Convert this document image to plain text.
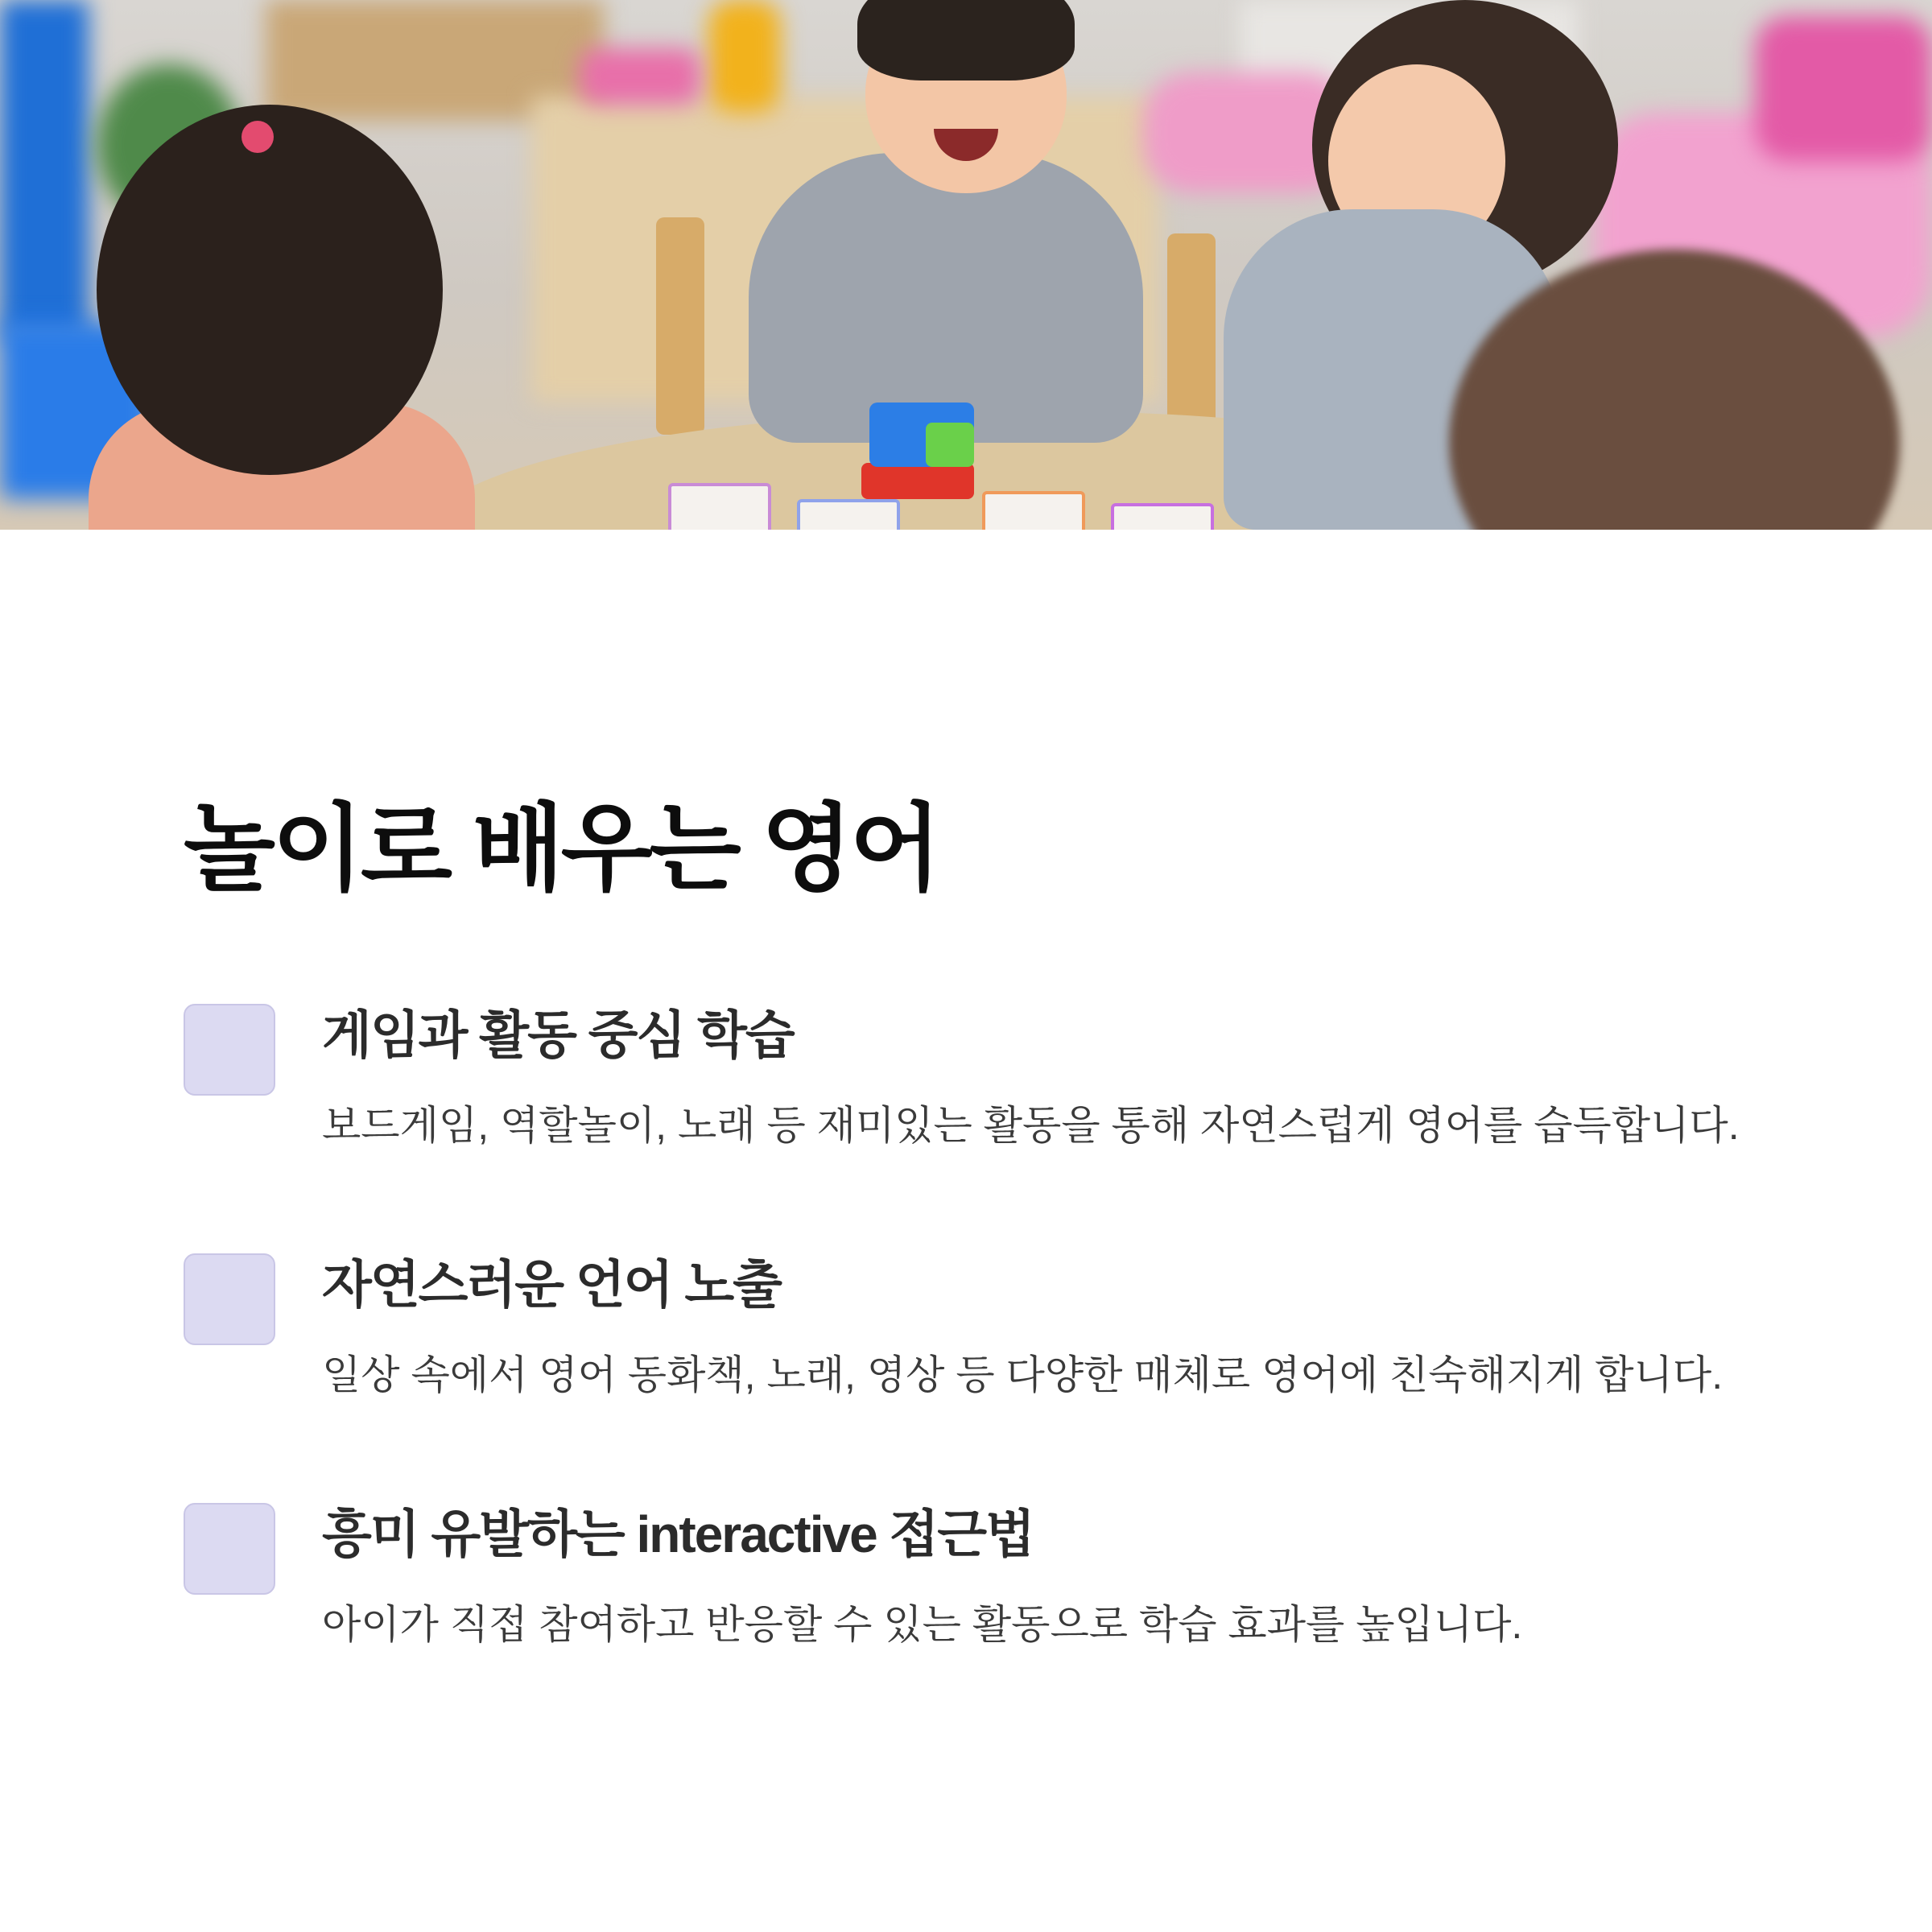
놀이로 배우는 영어
게임과 활동 중심 학습

보드게임, 역할놀이, 노래 등 재미있는 활동을 통해 자연스럽게 영어를 습득합니다.

자연스러운 언어 노출

일상 속에서 영어 동화책, 노래, 영상 등 다양한 매체로 영어에 친숙해지게 합니다.

흥미 유발하는 interactive 접근법

아이가 직접 참여하고 반응할 수 있는 활동으로 학습 효과를 높입니다.
